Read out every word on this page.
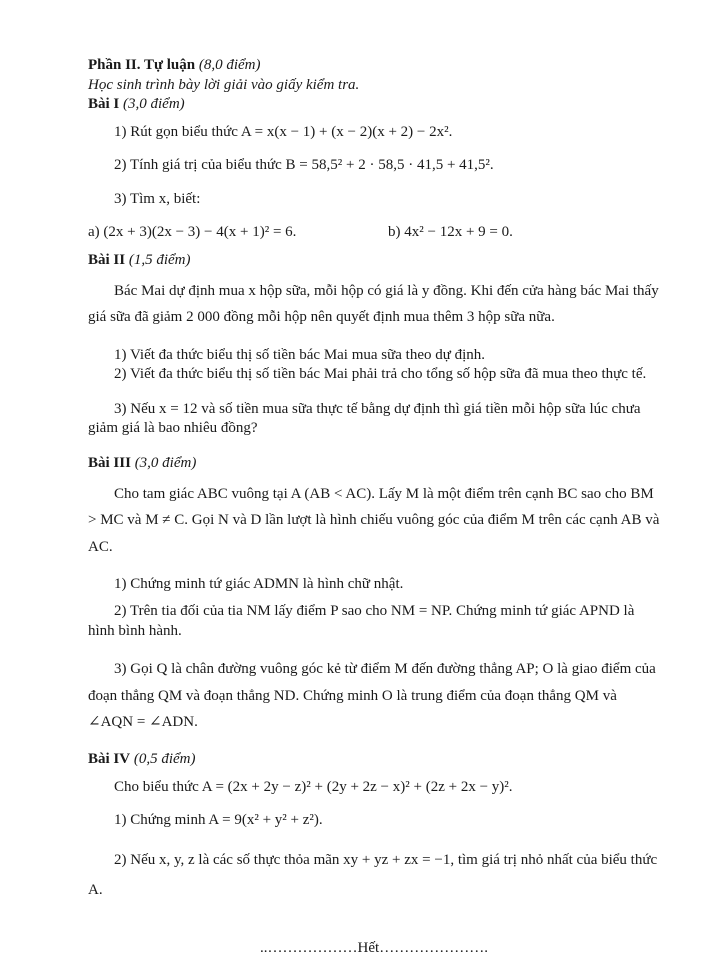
Phần II. Tự luận (8,0 điểm)

Học sinh trình bày lời giải vào giấy kiểm tra.

Bài I (3,0 điểm)

1) Rút gọn biểu thức A = x(x − 1) + (x − 2)(x + 2) − 2x².

2) Tính giá trị của biểu thức B = 58,5² + 2 · 58,5 · 41,5 + 41,5².

3) Tìm x, biết:

a) (2x + 3)(2x − 3) − 4(x + 1)² = 6.	b) 4x² − 12x + 9 = 0.

Bài II (1,5 điểm)

Bác Mai dự định mua x hộp sữa, mỗi hộp có giá là y đồng. Khi đến cửa hàng bác Mai thấy giá sữa đã giảm 2 000 đồng mỗi hộp nên quyết định mua thêm 3 hộp sữa nữa.

1) Viết đa thức biểu thị số tiền bác Mai mua sữa theo dự định.

2) Viết đa thức biểu thị số tiền bác Mai phải trả cho tổng số hộp sữa đã mua theo thực tế.

3) Nếu x = 12 và số tiền mua sữa thực tế bằng dự định thì giá tiền mỗi hộp sữa lúc chưa giảm giá là bao nhiêu đồng?

Bài III (3,0 điểm)

Cho tam giác ABC vuông tại A (AB < AC). Lấy M là một điểm trên cạnh BC sao cho BM > MC và M ≠ C. Gọi N và D lần lượt là hình chiếu vuông góc của điểm M trên các cạnh AB và AC.

1) Chứng minh tứ giác ADMN là hình chữ nhật.

2) Trên tia đối của tia NM lấy điểm P sao cho NM = NP. Chứng minh tứ giác APND là hình bình hành.

3) Gọi Q là chân đường vuông góc kẻ từ điểm M đến đường thẳng AP; O là giao điểm của đoạn thẳng QM và đoạn thẳng ND. Chứng minh O là trung điểm của đoạn thẳng QM và ∠AQN = ∠ADN.

Bài IV (0,5 điểm)

Cho biểu thức A = (2x + 2y − z)² + (2y + 2z − x)² + (2z + 2x − y)².

1) Chứng minh A = 9(x² + y² + z²).

2) Nếu x, y, z là các số thực thỏa mãn xy + yz + zx = −1, tìm giá trị nhỏ nhất của biểu thức A.

..………………Hết………………….
